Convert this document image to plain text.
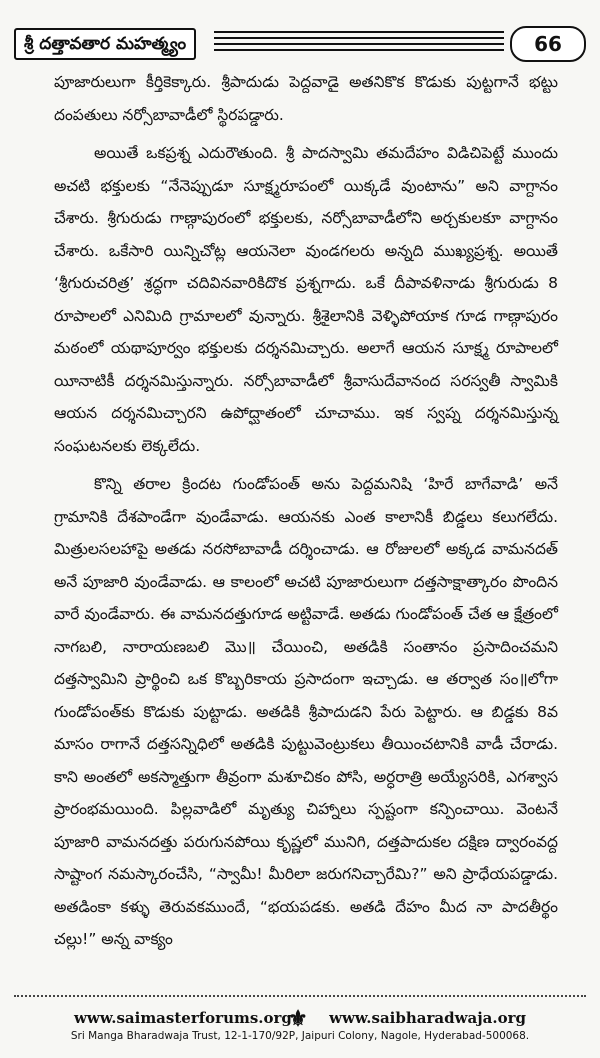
శ్రీ దత్తావతార మహత్మ్యం	66

పూజారులుగా కీర్తికెక్కారు. శ్రీపాదుడు పెద్దవాడై అతనికొక కొడుకు పుట్టగానే భట్టు దంపతులు నర్సోబావాడీలో స్థిరపడ్డారు.

అయితే ఒకప్రశ్న ఎదురౌతుంది. శ్రీ పాదస్వామి తమదేహం విడిచిపెట్టే ముందు అచటి భక్తులకు “నేనెప్పుడూ సూక్ష్మరూపంలో యిక్కడే వుంటాను” అని వాగ్దానం చేశారు. శ్రీగురుడు గాణ్గాపురంలో భక్తులకు, నర్సోబావాడీలోని అర్చకులకూ వాగ్దానం చేశారు. ఒకేసారి యిన్నిచోట్ల ఆయనెలా వుండగలరు అన్నది ముఖ్యప్రశ్న. అయితే ‘శ్రీగురుచరిత్ర’ శ్రద్ధగా చదివినవారికిదొక ప్రశ్నగాదు. ఒకే దీపావళినాడు శ్రీగురుడు 8 రూపాలలో ఎనిమిది గ్రామాలలో వున్నారు. శ్రీశైలానికి వెళ్ళిపోయాక గూడ గాణ్గాపురం మఠంలో యథాపూర్వం భక్తులకు దర్శనమిచ్చారు. అలాగే ఆయన సూక్ష్మ రూపాలలో యీనాటికీ దర్శనమిస్తున్నారు. నర్సోబావాడీలో శ్రీవాసుదేవానంద సరస్వతీ స్వామికి ఆయన దర్శనమిచ్చారని ఉపోద్ఘాతంలో చూచాము. ఇక స్వప్న దర్శనమిస్తున్న సంఘటనలకు లెక్కలేదు.

కొన్ని తరాల క్రిందట గుండోపంత్ అను పెద్దమనిషి ‘హిరే బాగేవాడి’ అనే గ్రామానికి దేశపాండేగా వుండేవాడు. ఆయనకు ఎంత కాలానికీ బిడ్డలు కలుగలేదు. మిత్రులసలహాపై అతడు నరసోబావాడీ దర్శించాడు. ఆ రోజులలో అక్కడ వామనదత్ అనే పూజారి వుండేవాడు. ఆ కాలంలో అచటి పూజారులుగా దత్తసాక్షాత్కారం పొందిన వారే వుండేవారు. ఈ వామనదత్తుగూడ అట్టివాడే. అతడు గుండోపంత్ చేత ఆ క్షేత్రంలో నాగబలి, నారాయణబలి మొ॥ చేయించి, అతడికి సంతానం ప్రసాదించమని దత్తస్వామిని ప్రార్థించి ఒక కొబ్బరికాయ ప్రసాదంగా ఇచ్చాడు. ఆ తర్వాత సం॥లోగా గుండోపంత్‌కు కొడుకు పుట్టాడు. అతడికి శ్రీపాదుడని పేరు పెట్టారు. ఆ బిడ్డకు 8వ మాసం రాగానే దత్తసన్నిధిలో అతడికి పుట్టువెంట్రుకలు తీయించటానికి వాడీ చేరాడు. కాని అంతలో అకస్మాత్తుగా తీవ్రంగా మశూచికం పోసి, అర్ధరాత్రి అయ్యేసరికి, ఎగశ్వాస ప్రారంభమయింది. పిల్లవాడిలో మృత్యు చిహ్నాలు స్పష్టంగా కన్పించాయి. వెంటనే పూజారి వామనదత్తు పరుగునపోయి కృష్ణలో మునిగి, దత్తపాదుకల దక్షిణ ద్వారంవద్ద సాష్టాంగ నమస్కారంచేసి, “స్వామీ! మీరిలా జరుగనిచ్చారేమి?” అని ప్రాధేయపడ్డాడు. అతడింకా కళ్ళు తెరువకముందే, “భయపడకు. అతడి దేహం మీద నా పాదతీర్థం చల్లు!” అన్న వాక్యం

www.saimasterforums.org
⚜ www.saibharadwaja.org
Sri Manga Bharadwaja Trust, 12-1-170/92P, Jaipuri Colony, Nagole, Hyderabad-500068.
